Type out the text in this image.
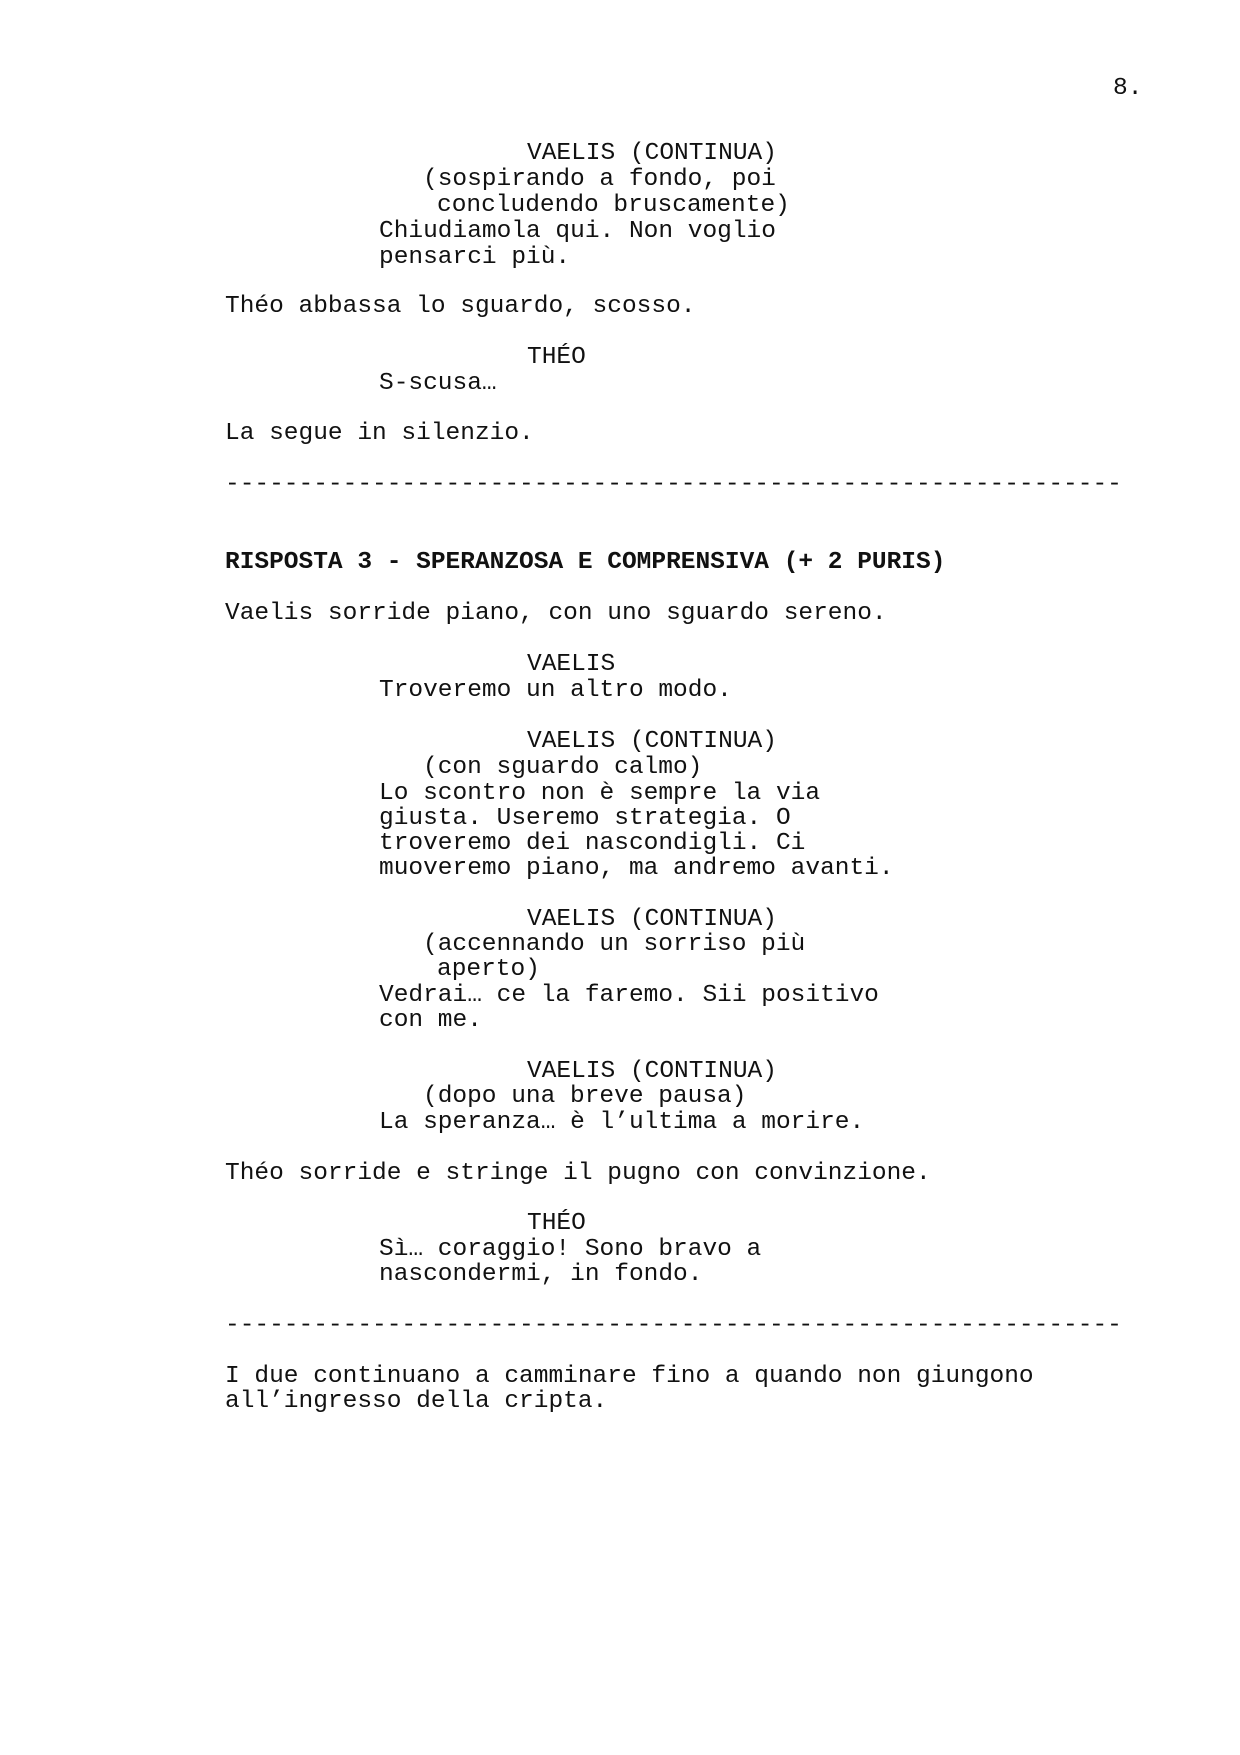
8.
VAELIS (CONTINUA)
(sospirando a fondo, poi
concludendo bruscamente)
Chiudiamola qui. Non voglio
pensarci più.
Théo abbassa lo sguardo, scosso.
THÉO
S-scusa…
La segue in silenzio.
-------------------------------------------------------------
RISPOSTA 3 - SPERANZOSA E COMPRENSIVA (+ 2 PURIS)
Vaelis sorride piano, con uno sguardo sereno.
VAELIS
Troveremo un altro modo.
VAELIS (CONTINUA)
(con sguardo calmo)
Lo scontro non è sempre la via
giusta. Useremo strategia. O
troveremo dei nascondigli. Ci
muoveremo piano, ma andremo avanti.
VAELIS (CONTINUA)
(accennando un sorriso più
aperto)
Vedrai… ce la faremo. Sii positivo
con me.
VAELIS (CONTINUA)
(dopo una breve pausa)
La speranza… è l’ultima a morire.
Théo sorride e stringe il pugno con convinzione.
THÉO
Sì… coraggio! Sono bravo a
nascondermi, in fondo.
-------------------------------------------------------------
I due continuano a camminare fino a quando non giungono
all’ingresso della cripta.
